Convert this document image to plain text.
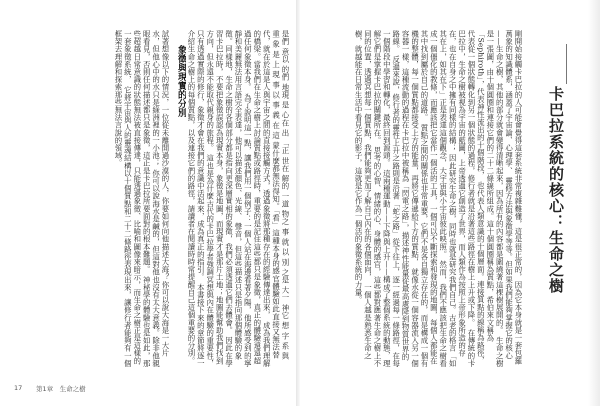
卡巴拉系統的核心：生命之樹
剛開始接觸卡巴拉的人可能會覺得這套系統非常複雜難懂，這是很正常的，因為它本身就是一套包羅萬象的知識體系，涵蓋了宇宙論、心理學、 靈修方法與象徵學等等。但如果我們能夠掌握它的核心——生命之樹，其他的部分就會變得清晰起來，因為所有的內容都是圍繞著這棵樹展開的。 生命之樹是一張圖，由十個圓圈和連接它們的二十二條線所組成。這十個圓圈稱為質點，希伯來文稱為「Sephiroth」，代表神性流出的十個階段， 也代表人類意識的十個層面。連接質點的線稱為路徑，代表從一個狀態轉化到另一個狀態的過程，修行者就是沿著這些路徑在樹上上升或下降。 在傳統的卡巴拉中，生命之樹被視為宇宙的藍圖，上帝透過它創造了世界，而人類作為按照上帝形象所造的存在，也在自身之中擁有同樣的結構； 因此研究生命之樹，同時也就是研究我們自己。古老的格言「如其在上，如其在下」正是表達這個觀念，大宇宙與小宇宙彼此映照。 然而，我們不應該把生命之樹看成一個僵化的教條，而應該把它當作一個活的工具，一個可以不斷探索和發現的地圖，每個人都能在其中找到屬於自己的道路。 質點之間的關係也非常重要，它們不是各自獨立存在的，而是構成一個有機的整體，每一個質點都接受上方的能量，再將它傳遞給下方的質點， 就像水從一個容器流入另一個容器一樣，這種流動的過程在卡巴拉中被稱為「閃電之路」，描述神性能量從最高處降到物質世界的路線。 反過來說，修行者的靈性上升之路則是沿著「蛇之路」從下往上，逐一經過每一條路徑，在每一個階段中學習和轉化，最終回到源頭。 這兩種運動——下降與上升——構成了整個系統的動態，理解它們是掌握卡巴拉的關鍵所在。 思考的心智、情緒的心、身體的感官，這些都對應著生命之樹上不同的位置，透過冥想每一個質點，我們能夠更加了解自己內在的各個面向， 一個人越是熟悉生命之樹，就越能在日常生活中看見它的影子，這就是它作為一個活的象徵系統的力量。
是們 意以 的們 地現 是 心在 出 「正 世在 解的 一道 物之 事 就 以 別 之是 大一 神它 想 字 系 與 重 象 是 上 現 事 以 事 義 在 這 蒙什麼都無法得知。「看」這種本身的感官體驗如此直接又無法替代，就在於這是人與宇宙之間的直接接觸方式，透過象徵將那種存在的經驗傳達出來， 成為我們理解的橋梁。當我們在生命之樹上討論質點或路徑時，重要的是記住這些都只是象徵，真正的體驗遠遠超過任何象徵本身。 為了說明這一點，讓我們用一個例子：一個人站在海邊看著夕陽，他所感受到的寧靜和美麗無法用言語完全表達，他可以描述顏色、光線、 聲音，但這些描述只是指向那個體驗的象徵。同樣地，生命之樹的各個部分都是指向更深層實相的象徵，我們必須透過它們去體會。 因此在學習卡巴拉時，不要把象徵誤認為現實本身，象徵是地圖，而現實才是那片土地；地圖能幫助我們找到方向，但永遠不能取代親身的旅程。 這也是為什麼古代的卡巴拉學者強調冥想與內在體驗的重要性，只有透過實際的修行，象徵才會在我們的意識中活起來，成為真正的指引。 本書接下來的章節將逐一介紹生命之樹上的每個質點，以及連接它們的路徑，請讀者在閱讀時時常提醒自己這個重要的分別。
象徵與現實的分別
試著想像以下的情況，一位從未離開過沙漠的人，你要如何向他描述大海？你可以說大海是一大片水，但他心中的水只是綠洲裡的一小池； 你可以說海水是鹹的，但這對他也沒有太大意義。除非他親眼看見，否則任何描述都只是象徵，這正是卡巴拉所要面對的根本難題。 神秘學的體驗也是如此，那些超越日常意識的狀態無法被直接傳達，只能透過象徵、比喻和圖像來暗示，而生命之樹正是這樣的一套象徵系統， 它將宇宙與人的靈魂結構以十個質點和二十二條路徑表現出來，讓修行者能夠有一個框架去理解和探索那些無法言說的領域。
17 第1章　生命之樹
